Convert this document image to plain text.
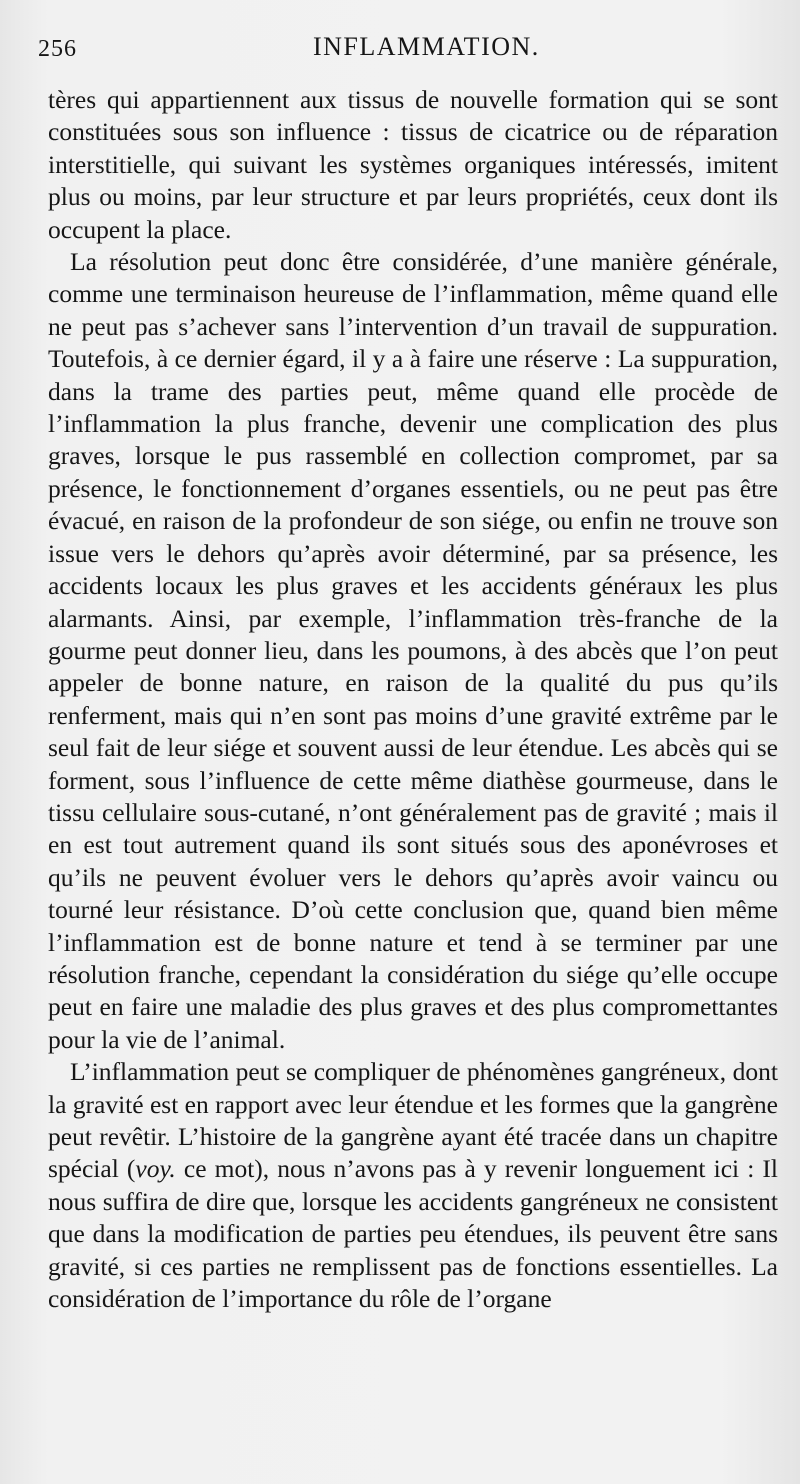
256	INFLAMMATION.

tères qui appartiennent aux tissus de nouvelle formation qui se sont constituées sous son influence : tissus de cicatrice ou de réparation interstitielle, qui suivant les systèmes organiques intéressés, imitent plus ou moins, par leur structure et par leurs propriétés, ceux dont ils occupent la place.

La résolution peut donc être considérée, d’une manière générale, comme une terminaison heureuse de l’inflammation, même quand elle ne peut pas s’achever sans l’intervention d’un travail de suppuration. Toutefois, à ce dernier égard, il y a à faire une réserve : La suppuration, dans la trame des parties peut, même quand elle procède de l’inflammation la plus franche, devenir une complication des plus graves, lorsque le pus rassemblé en collection compromet, par sa présence, le fonctionnement d’organes essentiels, ou ne peut pas être évacué, en raison de la profondeur de son siége, ou enfin ne trouve son issue vers le dehors qu’après avoir déterminé, par sa présence, les accidents locaux les plus graves et les accidents généraux les plus alarmants. Ainsi, par exemple, l’inflammation très-franche de la gourme peut donner lieu, dans les poumons, à des abcès que l’on peut appeler de bonne nature, en raison de la qualité du pus qu’ils renferment, mais qui n’en sont pas moins d’une gravité extrême par le seul fait de leur siége et souvent aussi de leur étendue. Les abcès qui se forment, sous l’influence de cette même diathèse gourmeuse, dans le tissu cellulaire sous-cutané, n’ont généralement pas de gravité ; mais il en est tout autrement quand ils sont situés sous des aponévroses et qu’ils ne peuvent évoluer vers le dehors qu’après avoir vaincu ou tourné leur résistance. D’où cette conclusion que, quand bien même l’inflammation est de bonne nature et tend à se terminer par une résolution franche, cependant la considération du siége qu’elle occupe peut en faire une maladie des plus graves et des plus compromettantes pour la vie de l’animal.

L’inflammation peut se compliquer de phénomènes gangréneux, dont la gravité est en rapport avec leur étendue et les formes que la gangrène peut revêtir. L’histoire de la gangrène ayant été tracée dans un chapitre spécial (voy. ce mot), nous n’avons pas à y revenir longuement ici : Il nous suffira de dire que, lorsque les accidents gangréneux ne consistent que dans la modification de parties peu étendues, ils peuvent être sans gravité, si ces parties ne remplissent pas de fonctions essentielles. La considération de l’importance du rôle de l’organe
